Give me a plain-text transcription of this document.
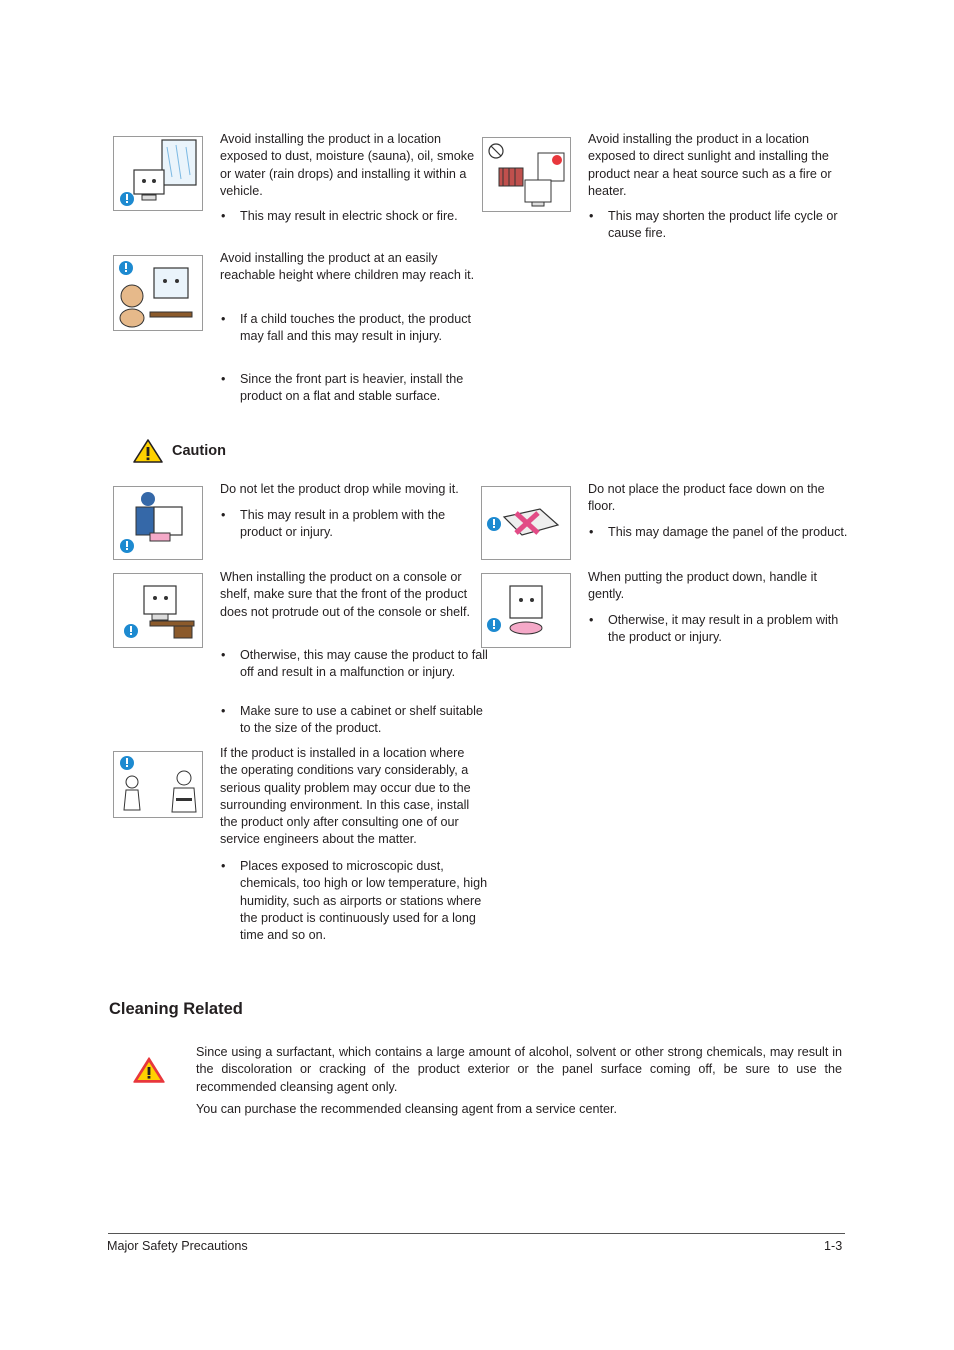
Avoid installing the product in a location exposed to dust, moisture (sauna), oil, smoke or water (rain drops) and installing it within a vehicle.

• This may result in electric shock or fire.

Avoid installing the product in a location exposed to direct sunlight and installing the product near a heat source such as a fire or heater.

• This may shorten the product life cycle or cause fire.

Avoid installing the product at an easily reachable height where children may reach it.

• If a child touches the product, the product may fall and this may result in injury.

• Since the front part is heavier, install the product on a flat and stable surface.

Caution

Do not let the product drop while moving it.

• This may result in a problem with the product or injury.

Do not place the product face down on the floor.

• This may damage the panel of the product.

When installing the product on a console or shelf, make sure that the front of the product does not protrude out of the console or shelf.

• Otherwise, this may cause the product to fall off and result in a malfunction or injury.

• Make sure to use a cabinet or shelf suitable to the size of the product.

When putting the product down, handle it gently.

• Otherwise, it may result in a problem with the product or injury.

If the product is installed in a location where the operating conditions vary considerably, a serious quality problem may occur due to the surrounding environment. In this case, install the product only after consulting one of our service engineers about the matter.

• Places exposed to microscopic dust, chemicals, too high or low temperature, high humidity, such as airports or stations where the product is continuously used for a long time and so on.

Cleaning Related

Since using a surfactant, which contains a large amount of alcohol, solvent or other strong chemicals, may result in the discoloration or cracking of the product exterior or the panel surface coming off, be sure to use the recommended cleansing agent only.

You can purchase the recommended cleansing agent from a service center.

Major Safety Precautions	1-3
